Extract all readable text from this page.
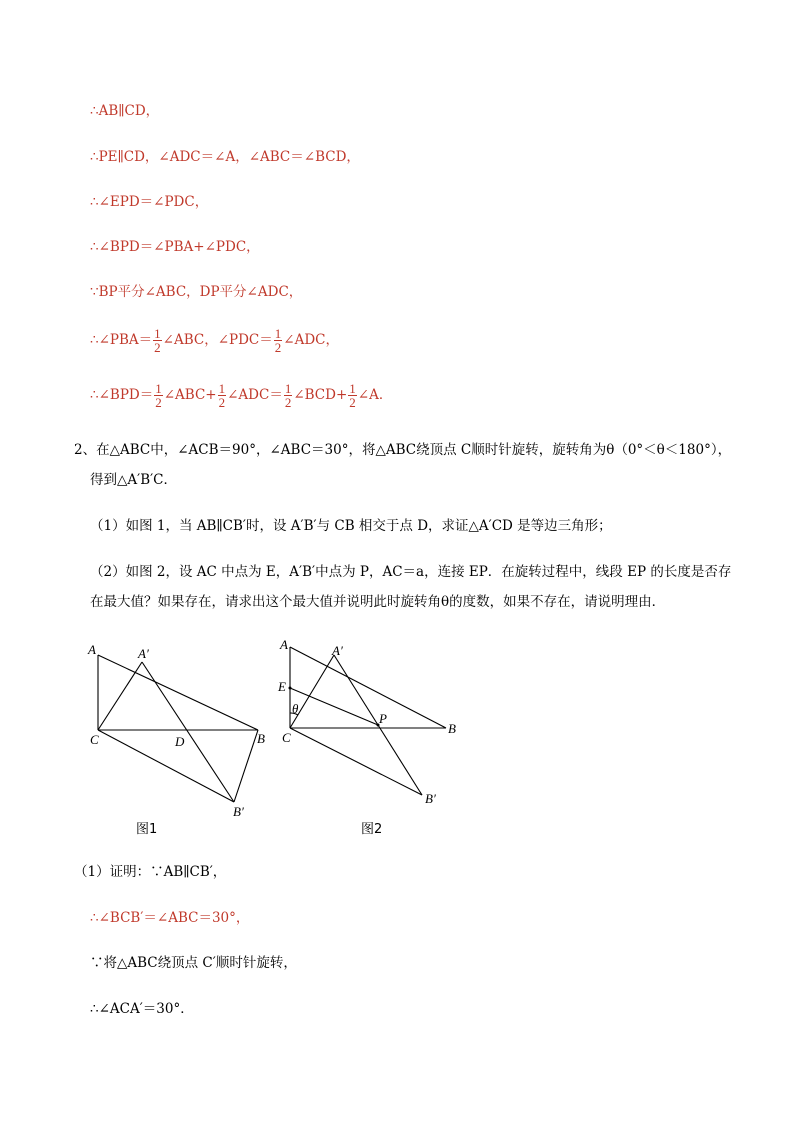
∴AB∥CD，
∴PE∥CD，∠ADC＝∠A，∠ABC＝∠BCD，
∴∠EPD＝∠PDC，
∴∠BPD＝∠PBA+∠PDC，
∵BP平分∠ABC，DP平分∠ADC，
∴∠PBA＝ $\frac{1}{2}$ ∠ABC，∠PDC＝ $\frac{1}{2}$ ∠ADC，
∴∠BPD＝ $\frac{1}{2}$ ∠ABC+ $\frac{1}{2}$ ∠ADC＝ $\frac{1}{2}$ ∠BCD+ $\frac{1}{2}$ ∠A．
2、在△ABC中，∠ACB＝90°，∠ABC＝30°，将△ABC绕顶点 C顺时针旋转，旋转角为θ（0°＜θ＜180°），
得到△A′B′C．
（1）如图 1，当 AB∥CB′时，设 A′B′与 CB 相交于点 D，求证△A′CD 是等边三角形；
（2）如图 2，设 AC 中点为 E，A′B′中点为 P，AC＝a，连接 EP．在旋转过程中，线段 EP 的长度是否存
在最大值？如果存在，请求出这个最大值并说明此时旋转角θ的度数，如果不存在，请说明理由．
A	A′
C	D	B
B′
图1
A	A′
E
θ
P
C
B
B′
图2
（1）证明：∵AB∥CB′，
∴∠BCB′＝∠ABC＝30°，
∵将△ABC绕顶点 C′顺时针旋转，
∴∠ACA′＝30°．
